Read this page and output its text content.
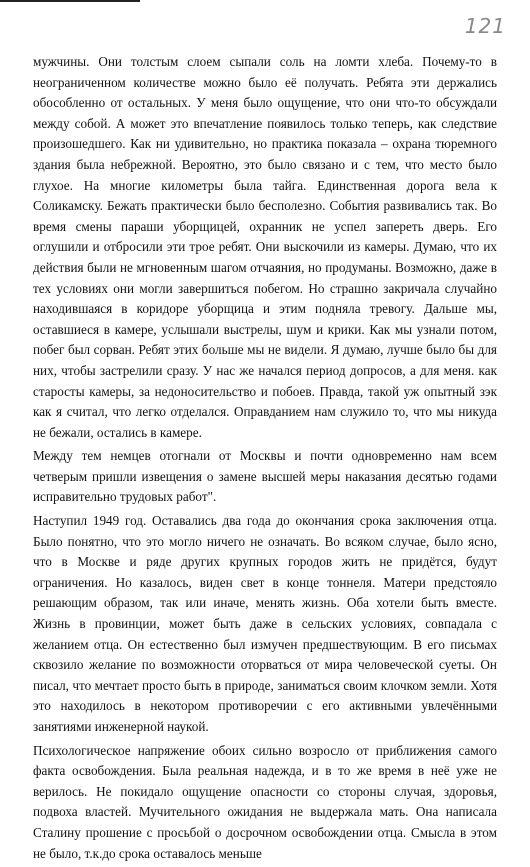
121

мужчины. Они толстым слоем сыпали соль на ломти хлеба. Почему-то в неограниченном количестве можно было её получать. Ребята эти держались обособленно от остальных. У меня было ощущение, что они что-то обсуждали между собой. А может это впечатление появилось только теперь, как следствие произошедшего. Как ни удивительно, но практика показала – охрана тюремного здания была небрежной. Вероятно, это было связано и с тем, что место было глухое. На многие километры была тайга. Единственная дорога вела к Соликамску. Бежать практически было бесполезно. События развивались так. Во время смены параши уборщицей, охранник не успел запереть дверь. Его оглушили и отбросили эти трое ребят. Они выскочили из камеры. Думаю, что их действия были не мгновенным шагом отчаяния, но продуманы. Возможно, даже в тех условиях они могли завершиться побегом. Но страшно закричала случайно находившаяся в коридоре уборщица и этим подняла тревогу. Дальше мы, оставшиеся в камере, услышали выстрелы, шум и крики. Как мы узнали потом, побег был сорван. Ребят этих больше мы не видели. Я думаю, лучше было бы для них, чтобы застрелили сразу. У нас же начался период допросов, а для меня. как старосты камеры, за недоносительство и побоев. Правда, такой уж опытный зэк как я считал, что легко отделался. Оправданием нам служило то, что мы никуда не бежали, остались в камере.

Между тем немцев отогнали от Москвы и почти одновременно нам всем четверым пришли извещения о замене высшей меры наказания десятью годами исправительно трудовых работ".

Наступил 1949 год. Оставались два года до окончания срока заключения отца. Было понятно, что это могло ничего не означать. Во всяком случае, было ясно, что в Москве и ряде других крупных городов жить не придётся, будут ограничения. Но казалось, виден свет в конце тоннеля. Матери предстояло решающим образом, так или иначе, менять жизнь. Оба хотели быть вместе. Жизнь в провинции, может быть даже в сельских условиях, совпадала с желанием отца. Он естественно был измучен предшествующим. В его письмах сквозило желание по возможности оторваться от мира человеческой суеты. Он писал, что мечтает просто быть в природе, заниматься своим клочком земли. Хотя это находилось в некотором противоречии с его активными увлечёнными занятиями инженерной наукой.

Психологическое напряжение обоих сильно возросло от приближения самого факта освобождения. Была реальная надежда, и в то же время в неё уже не верилось. Не покидало ощущение опасности со стороны случая, здоровья, подвоха властей. Мучительного ожидания не выдержала мать. Она написала Сталину прошение с просьбой о досрочном освобождении отца. Смысла в этом не было, т.к.до срока оставалось меньше
